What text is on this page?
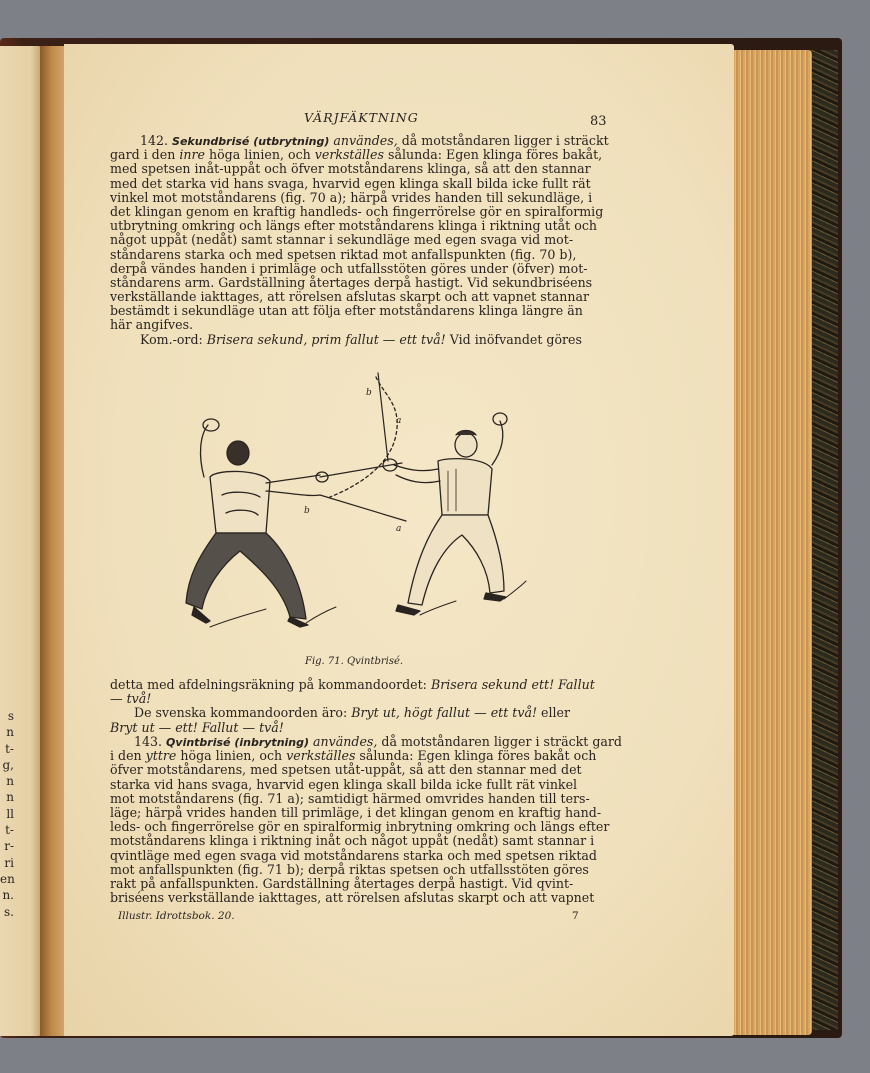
s
n
t-
g,
n
n
ll
t-
r-
ri
en
n.
s.
VÄRJFÄKTNING	83

142. Sekundbrisé (utbrytning) användes, då motståndaren ligger i sträckt
gard i den inre höga linien, och verkställes sålunda: Egen klinga föres bakåt,
med spetsen inåt-uppåt och öfver motståndarens klinga, så att den stannar
med det starka vid hans svaga, hvarvid egen klinga skall bilda icke fullt rät
vinkel mot motståndarens (fig. 70 a); härpå vrides handen till sekundläge, i
det klingan genom en kraftig handleds- och fingerrörelse gör en spiralformig
utbrytning omkring och längs efter motståndarens klinga i riktning utåt och
något uppåt (nedåt) samt stannar i sekundläge med egen svaga vid mot-
ståndarens starka och med spetsen riktad mot anfallspunkten (fig. 70 b),
derpå vändes handen i primläge och utfallsstöten göres under (öfver) mot-
ståndarens arm. Gardställning återtages derpå hastigt. Vid sekundbriséens
verkställande iakttages, att rörelsen afslutas skarpt och att vapnet stannar
bestämdt i sekundläge utan att följa efter motståndarens klinga längre än
här angifves.
Kom.-ord: Brisera sekund, prim fallut — ett två! Vid inöfvandet göres

a
b
a
b
Fig. 71. Qvintbrisé.

detta med afdelningsräkning på kommandoordet: Brisera sekund ett! Fallut
— två!
De svenska kommandoorden äro: Bryt ut, högt fallut — ett två! eller
Bryt ut — ett! Fallut — två!

143. Qvintbrisé (inbrytning) användes, då motståndaren ligger i sträckt gard
i den yttre höga linien, och verkställes sålunda: Egen klinga föres bakåt och
öfver motståndarens, med spetsen utåt-uppåt, så att den stannar med det
starka vid hans svaga, hvarvid egen klinga skall bilda icke fullt rät vinkel
mot motståndarens (fig. 71 a); samtidigt härmed omvrides handen till ters-
läge; härpå vrides handen till primläge, i det klingan genom en kraftig hand-
leds- och fingerrörelse gör en spiralformig inbrytning omkring och längs efter
motståndarens klinga i riktning inåt och något uppåt (nedåt) samt stannar i
qvintläge med egen svaga vid motståndarens starka och med spetsen riktad
mot anfallspunkten (fig. 71 b); derpå riktas spetsen och utfallsstöten göres
rakt på anfallspunkten. Gardställning återtages derpå hastigt. Vid qvint-
briséens verkställande iakttages, att rörelsen afslutas skarpt och att vapnet

Illustr. Idrottsbok. 20.	7
